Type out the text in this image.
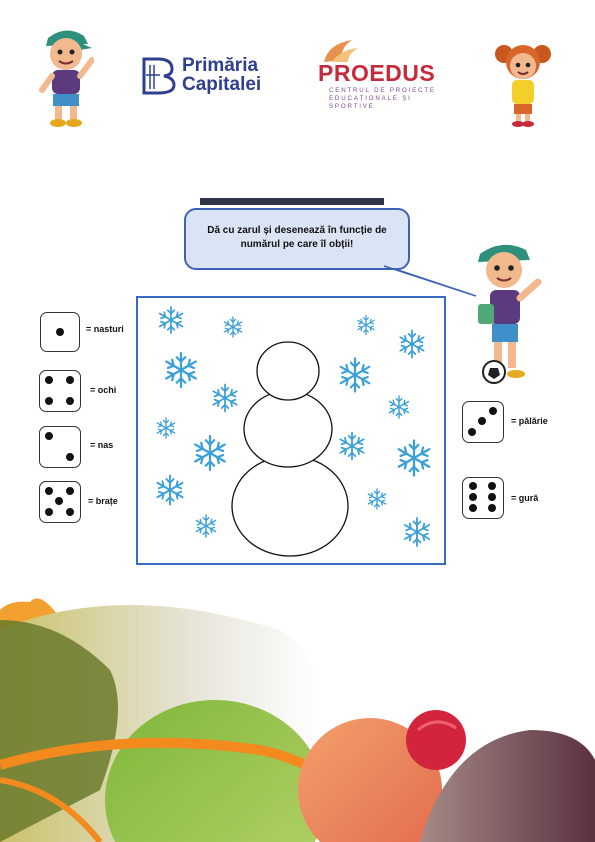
Primăria
Capitalei PROEDUS
CENTRUL DE PROIECTE EDUCAȚIONALE ȘI SPORTIVE
Dă cu zarul și desenează în funcție de numărul pe care îl obții!
= nasturi
= ochi
= nas
= brațe
= pălărie
= gură
